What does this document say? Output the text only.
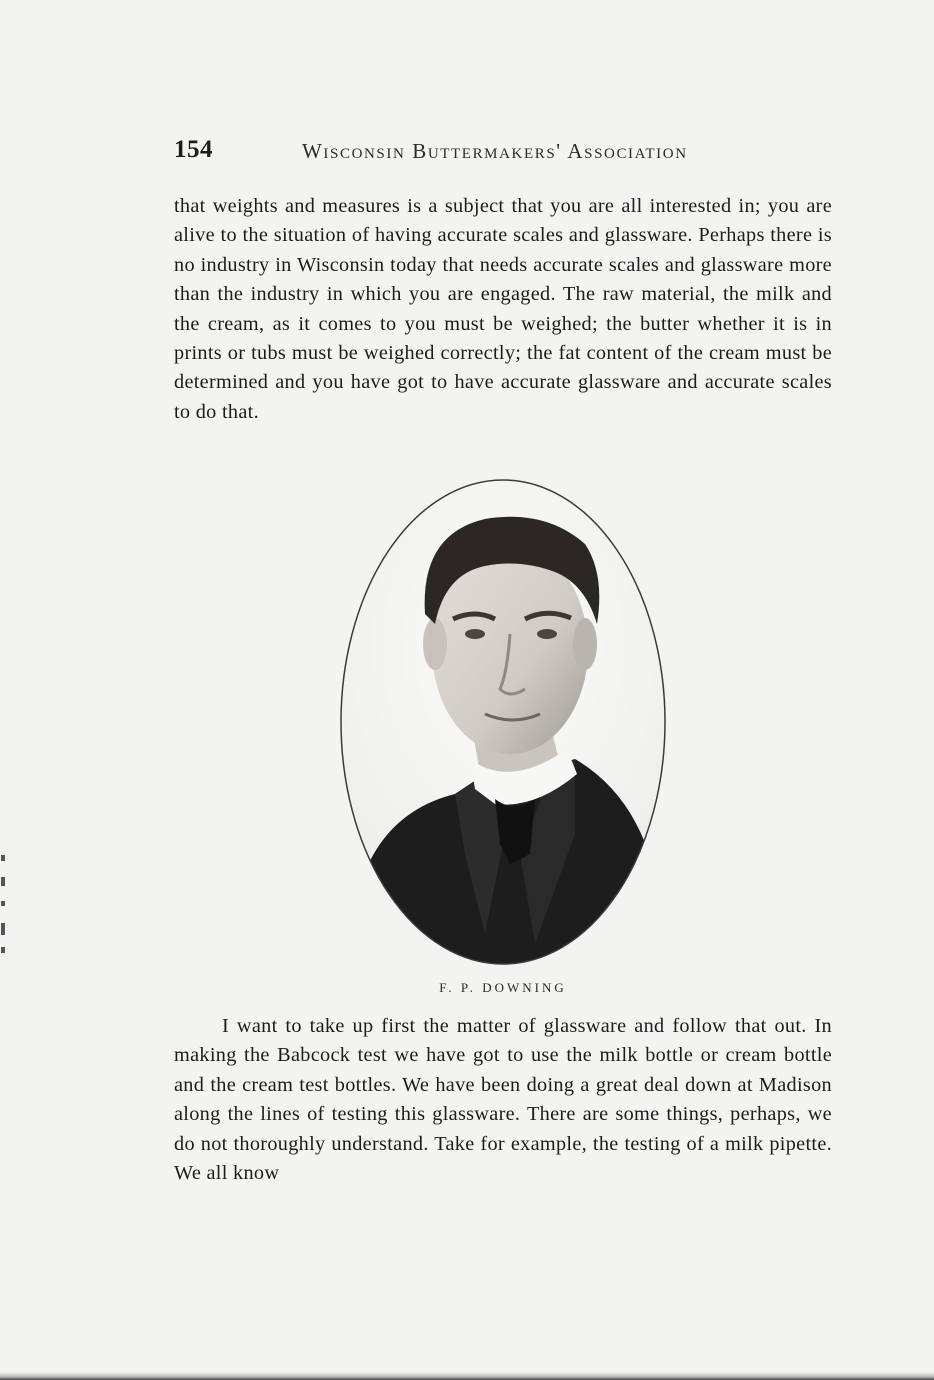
154	Wisconsin Buttermakers' Association

that weights and measures is a subject that you are all interested in; you are alive to the situation of having accurate scales and glassware. Perhaps there is no industry in Wisconsin today that needs accurate scales and glassware more than the industry in which you are engaged. The raw material, the milk and the cream, as it comes to you must be weighed; the butter whether it is in prints or tubs must be weighed correctly; the fat content of the cream must be determined and you have got to have accurate glassware and accurate scales to do that.

F. P. DOWNING

I want to take up first the matter of glassware and follow that out. In making the Babcock test we have got to use the milk bottle or cream bottle and the cream test bottles. We have been doing a great deal down at Madison along the lines of testing this glassware. There are some things, perhaps, we do not thoroughly understand. Take for example, the testing of a milk pipette. We all know
